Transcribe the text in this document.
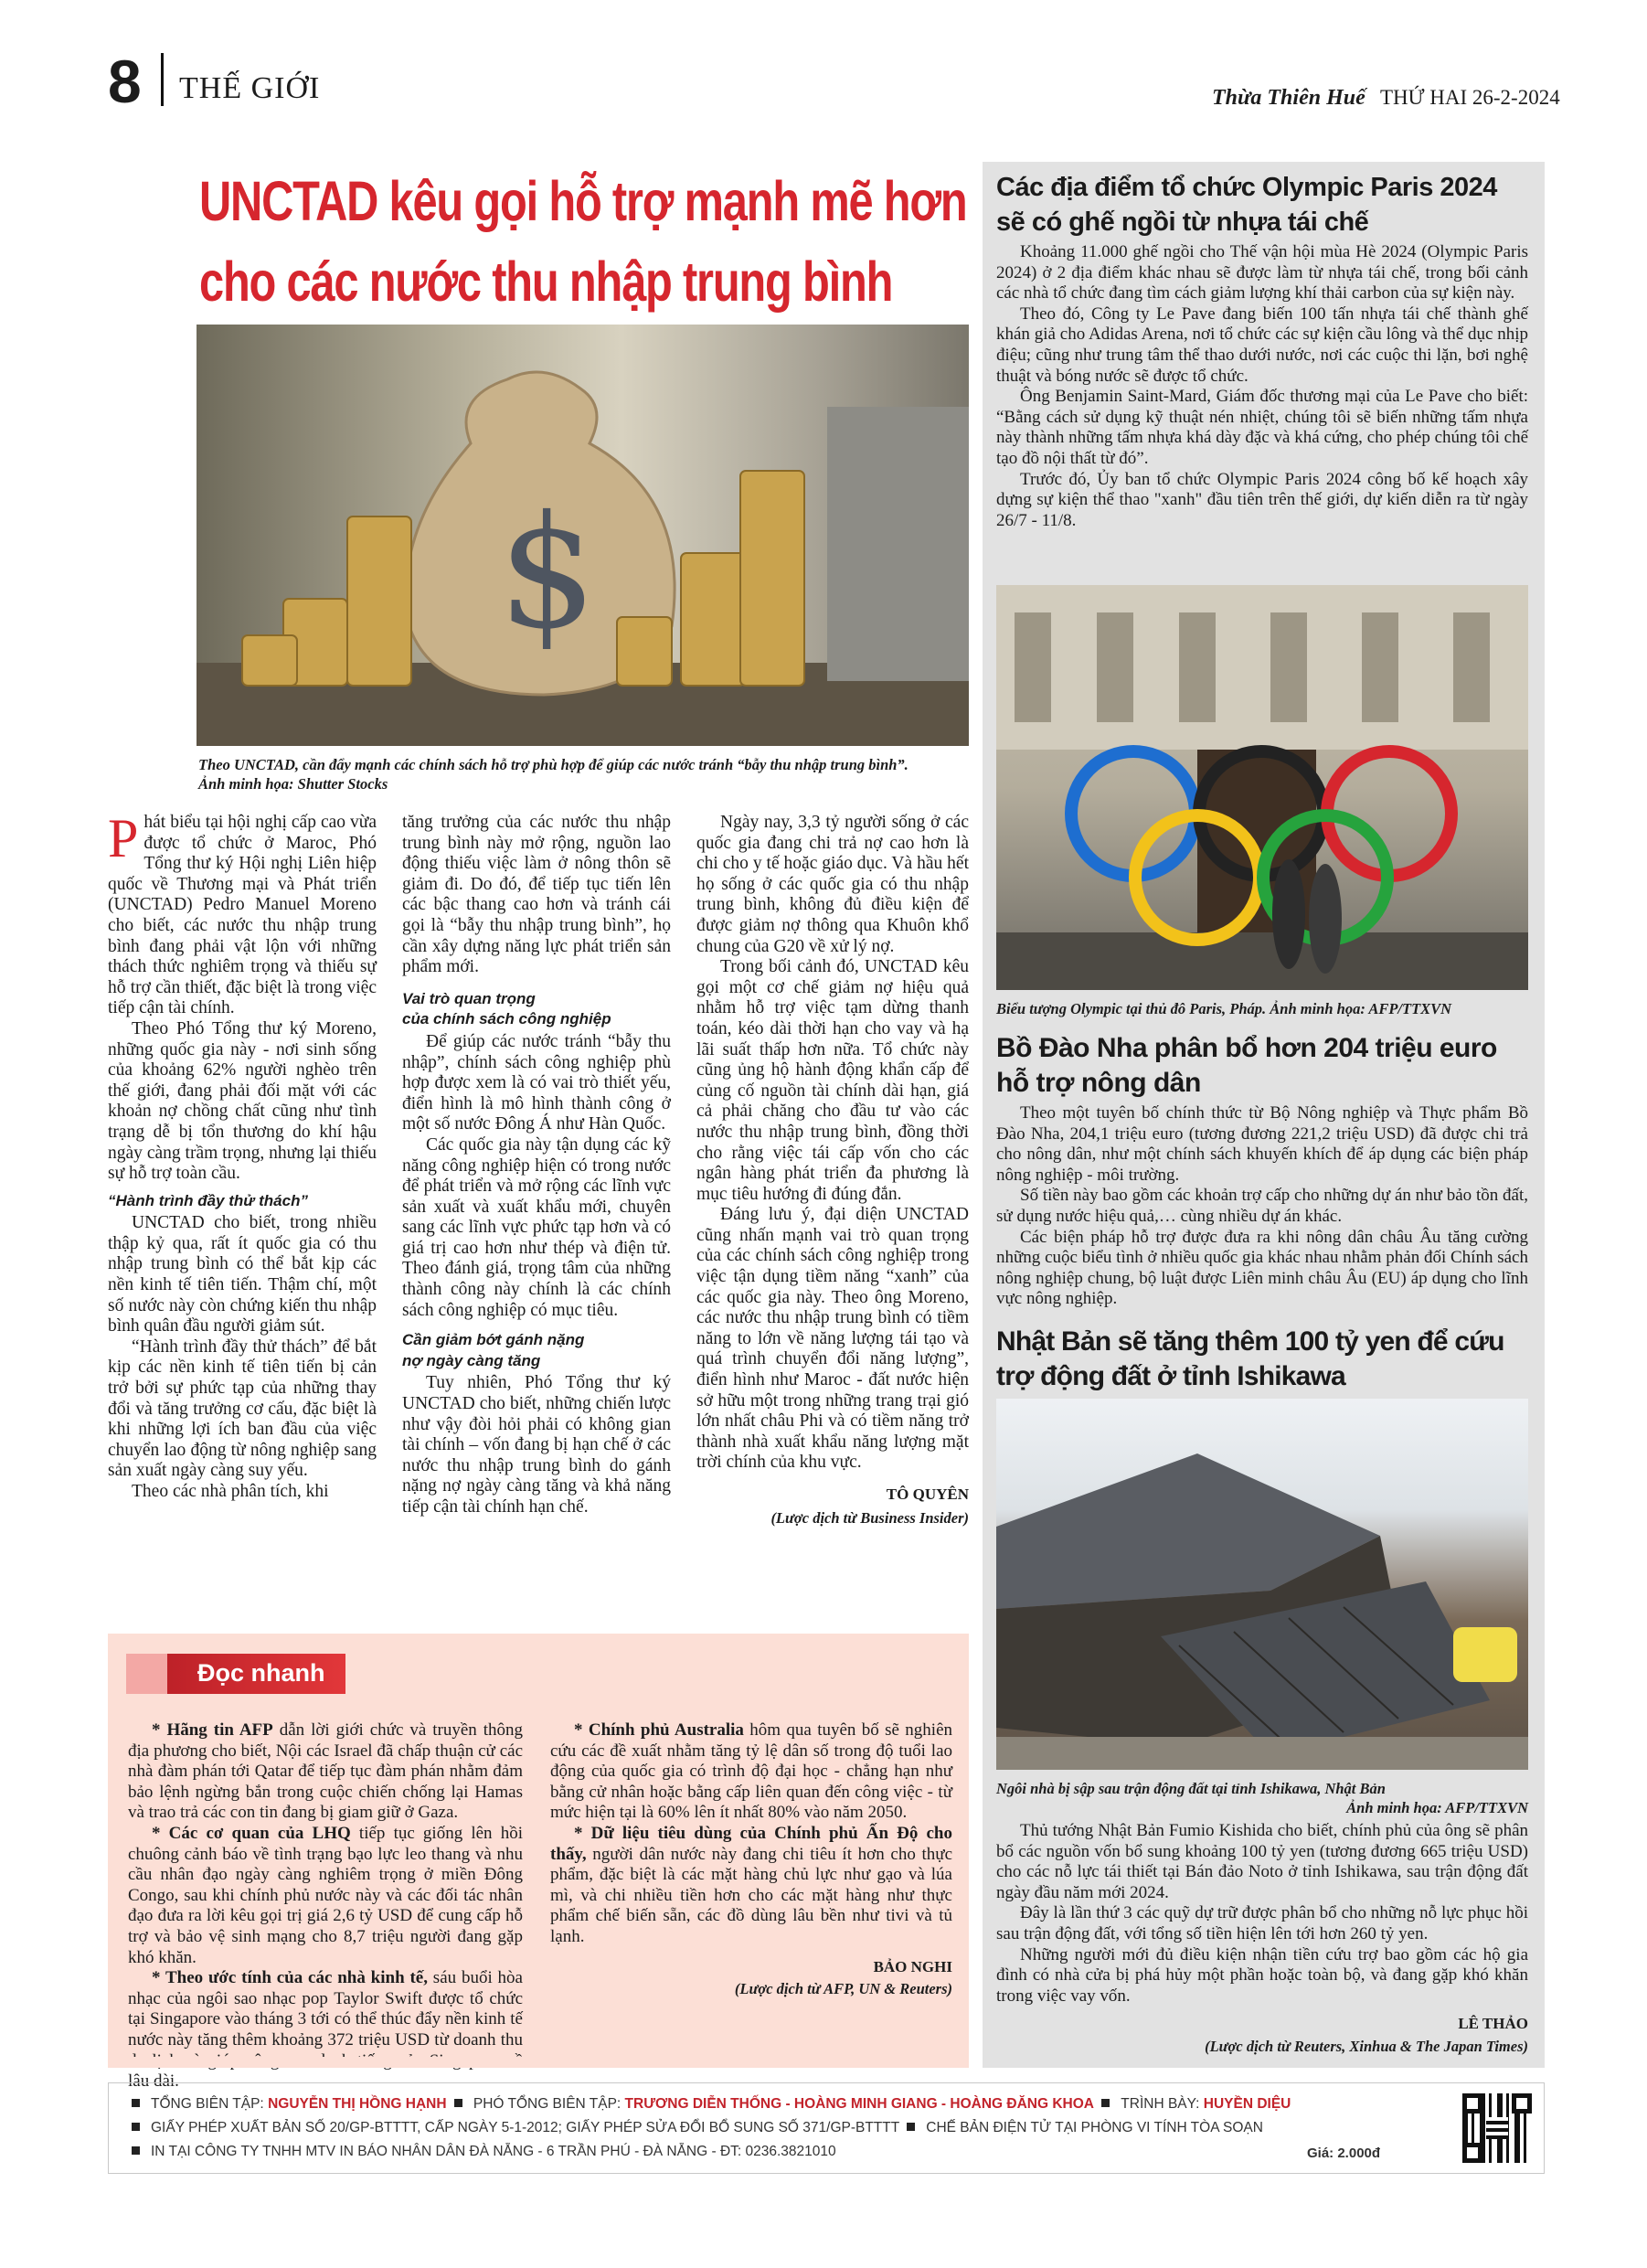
8 THẾ GIỚI	Thừa Thiên Huế THỨ HAI 26-2-2024
UNCTAD kêu gọi hỗ trợ mạnh mẽ hơn
cho các nước thu nhập trung bình
$
Theo UNCTAD, cần đẩy mạnh các chính sách hỗ trợ phù hợp để giúp các nước tránh “bẫy thu nhập trung bình”. Ảnh minh họa: Shutter Stocks

Phát biểu tại hội nghị cấp cao vừa được tổ chức ở Maroc, Phó Tổng thư ký Hội nghị Liên hiệp quốc về Thương mại và Phát triển (UNCTAD) Pedro Manuel Moreno cho biết, các nước thu nhập trung bình đang phải vật lộn với những thách thức nghiêm trọng và thiếu sự hỗ trợ cần thiết, đặc biệt là trong việc tiếp cận tài chính.

Theo Phó Tổng thư ký Moreno, những quốc gia này - nơi sinh sống của khoảng 62% người nghèo trên thế giới, đang phải đối mặt với các khoản nợ chồng chất cũng như tình trạng dễ bị tổn thương do khí hậu ngày càng trầm trọng, nhưng lại thiếu sự hỗ trợ toàn cầu.

“Hành trình đầy thử thách”

UNCTAD cho biết, trong nhiều thập kỷ qua, rất ít quốc gia có thu nhập trung bình có thể bắt kịp các nền kinh tế tiên tiến. Thậm chí, một số nước này còn chứng kiến thu nhập bình quân đầu người giảm sút.

“Hành trình đầy thử thách” để bắt kịp các nền kinh tế tiên tiến bị cản trở bởi sự phức tạp của những thay đổi và tăng trưởng cơ cấu, đặc biệt là khi những lợi ích ban đầu của việc chuyển lao động từ nông nghiệp sang sản xuất ngày càng suy yếu.

Theo các nhà phân tích, khi

tăng trưởng của các nước thu nhập trung bình này mở rộng, nguồn lao động thiếu việc làm ở nông thôn sẽ giảm đi. Do đó, để tiếp tục tiến lên các bậc thang cao hơn và tránh cái gọi là “bẫy thu nhập trung bình”, họ cần xây dựng năng lực phát triển sản phẩm mới.

Vai trò quan trọng
của chính sách công nghiệp

Để giúp các nước tránh “bẫy thu nhập”, chính sách công nghiệp phù hợp được xem là có vai trò thiết yếu, điển hình là mô hình thành công ở một số nước Đông Á như Hàn Quốc.

Các quốc gia này tận dụng các kỹ năng công nghiệp hiện có trong nước để phát triển và mở rộng các lĩnh vực sản xuất và xuất khẩu mới, chuyên sang các lĩnh vực phức tạp hơn và có giá trị cao hơn như thép và điện tử. Theo đánh giá, trọng tâm của những thành công này chính là các chính sách công nghiệp có mục tiêu.

Cần giảm bớt gánh nặng
nợ ngày càng tăng

Tuy nhiên, Phó Tổng thư ký UNCTAD cho biết, những chiến lược như vậy đòi hỏi phải có không gian tài chính – vốn đang bị hạn chế ở các nước thu nhập trung bình do gánh nặng nợ ngày càng tăng và khả năng tiếp cận tài chính hạn chế.

Ngày nay, 3,3 tỷ người sống ở các quốc gia đang chi trả nợ cao hơn là chi cho y tế hoặc giáo dục. Và hầu hết họ sống ở các quốc gia có thu nhập trung bình, không đủ điều kiện để được giảm nợ thông qua Khuôn khổ chung của G20 về xử lý nợ.

Trong bối cảnh đó, UNCTAD kêu gọi một cơ chế giảm nợ hiệu quả nhằm hỗ trợ việc tạm dừng thanh toán, kéo dài thời hạn cho vay và hạ lãi suất thấp hơn nữa. Tổ chức này cũng ủng hộ hành động khẩn cấp để củng cố nguồn tài chính dài hạn, giá cả phải chăng cho đầu tư vào các nước thu nhập trung bình, đồng thời cho rằng việc tái cấp vốn cho các ngân hàng phát triển đa phương là mục tiêu hướng đi đúng đắn.

Đáng lưu ý, đại diện UNCTAD cũng nhấn mạnh vai trò quan trọng của các chính sách công nghiệp trong việc tận dụng tiềm năng “xanh” của các quốc gia này. Theo ông Moreno, các nước thu nhập trung bình có tiềm năng to lớn về năng lượng tái tạo và quá trình chuyển đổi năng lượng”, điển hình như Maroc - đất nước hiện sở hữu một trong những trang trại gió lớn nhất châu Phi và có tiềm năng trở thành nhà xuất khẩu năng lượng mặt trời chính của khu vực.

TÔ QUYÊN
(Lược dịch từ Business Insider)
Đọc nhanh

* Hãng tin AFP dẫn lời giới chức và truyền thông địa phương cho biết, Nội các Israel đã chấp thuận cử các nhà đàm phán tới Qatar để tiếp tục đàm phán nhằm đảm bảo lệnh ngừng bắn trong cuộc chiến chống lại Hamas và trao trả các con tin đang bị giam giữ ở Gaza.

* Các cơ quan của LHQ tiếp tục giống lên hồi chuông cảnh báo về tình trạng bạo lực leo thang và nhu cầu nhân đạo ngày càng nghiêm trọng ở miền Đông Congo, sau khi chính phủ nước này và các đối tác nhân đạo đưa ra lời kêu gọi trị giá 2,6 tỷ USD để cung cấp hỗ trợ và bảo vệ sinh mạng cho 8,7 triệu người đang gặp khó khăn.

* Theo ước tính của các nhà kinh tế, sáu buổi hòa nhạc của ngôi sao nhạc pop Taylor Swift được tổ chức tại Singapore vào tháng 3 tới có thể thúc đẩy nền kinh tế nước này tăng thêm khoảng 372 triệu USD từ doanh thu lâu dài.

* Chính phủ Australia hôm qua tuyên bố sẽ nghiên cứu các đề xuất nhằm tăng tỷ lệ dân số trong độ tuổi lao động của quốc gia có trình độ đại học - chẳng hạn như bằng cử nhân hoặc bằng cấp liên quan đến công việc - từ mức hiện tại là 60% lên ít nhất 80% vào năm 2050.

* Dữ liệu tiêu dùng của Chính phủ Ấn Độ cho thấy, người dân nước này đang chi tiêu ít hơn cho thực phẩm, đặc biệt là các mặt hàng chủ lực như gạo và lúa mì, và chi nhiều tiền hơn cho các mặt hàng như thực phẩm chế biến sẵn, các đồ dùng lâu bền như tivi và tủ lạnh.

BẢO NGHI
(Lược dịch từ AFP, UN & Reuters)
Các địa điểm tổ chức Olympic Paris 2024 sẽ có ghế ngồi từ nhựa tái chế

Khoảng 11.000 ghế ngồi cho Thế vận hội mùa Hè 2024 (Olympic Paris 2024) ở 2 địa điểm khác nhau sẽ được làm từ nhựa tái chế, trong bối cảnh các nhà tổ chức đang tìm cách giảm lượng khí thải carbon của sự kiện này.

Theo đó, Công ty Le Pave đang biến 100 tấn nhựa tái chế thành ghế khán giả cho Adidas Arena, nơi tổ chức các sự kiện cầu lông và thể dục nhịp điệu; cũng như trung tâm thể thao dưới nước, nơi các cuộc thi lặn, bơi nghệ thuật và bóng nước sẽ được tổ chức.

Ông Benjamin Saint-Mard, Giám đốc thương mại của Le Pave cho biết: “Bằng cách sử dụng kỹ thuật nén nhiệt, chúng tôi sẽ biến những tấm nhựa này thành những tấm nhựa khá dày đặc và khá cứng, cho phép chúng tôi chế tạo đồ nội thất từ đó”.

Trước đó, Ủy ban tổ chức Olympic Paris 2024 công bố kế hoạch xây dựng sự kiện thể thao "xanh" đầu tiên trên thế giới, dự kiến diễn ra từ ngày 26/7 - 11/8.

Biểu tượng Olympic tại thủ đô Paris, Pháp. Ảnh minh họa: AFP/TTXVN
Bồ Đào Nha phân bổ hơn 204 triệu euro hỗ trợ nông dân

Theo một tuyên bố chính thức từ Bộ Nông nghiệp và Thực phẩm Bồ Đào Nha, 204,1 triệu euro (tương đương 221,2 triệu USD) đã được chi trả cho nông dân, như một chính sách khuyến khích để áp dụng các biện pháp nông nghiệp - môi trường.

Số tiền này bao gồm các khoản trợ cấp cho những dự án như bảo tồn đất, sử dụng nước hiệu quả,… cùng nhiều dự án khác.

Các biện pháp hỗ trợ được đưa ra khi nông dân châu Âu tăng cường những cuộc biểu tình ở nhiều quốc gia khác nhau nhằm phản đối Chính sách nông nghiệp chung, bộ luật được Liên minh châu Âu (EU) áp dụng cho lĩnh vực nông nghiệp.

Nhật Bản sẽ tăng thêm 100 tỷ yen để cứu trợ động đất ở tỉnh Ishikawa
Ngôi nhà bị sập sau trận động đất tại tỉnh Ishikawa, Nhật Bản
Ảnh minh họa: AFP/TTXVN

Thủ tướng Nhật Bản Fumio Kishida cho biết, chính phủ của ông sẽ phân bổ các nguồn vốn bổ sung khoảng 100 tỷ yen (tương đương 665 triệu USD) cho các nỗ lực tái thiết tại Bán đảo Noto ở tỉnh Ishikawa, sau trận động đất ngày đầu năm mới 2024.

Đây là lần thứ 3 các quỹ dự trữ được phân bổ cho những nỗ lực phục hồi sau trận động đất, với tổng số tiền hiện lên tới hơn 260 tỷ yen.

Những người mới đủ điều kiện nhận tiền cứu trợ bao gồm các hộ gia đình có nhà cửa bị phá hủy một phần hoặc toàn bộ, và đang gặp khó khăn trong việc vay vốn.

LÊ THẢO
(Lược dịch từ Reuters, Xinhua & The Japan Times)
TỔNG BIÊN TẬP: NGUYỄN THỊ HỒNG HẠNH PHÓ TỔNG BIÊN TẬP: TRƯƠNG DIỄN THỐNG - HOÀNG MINH GIANG - HOÀNG ĐĂNG KHOA TRÌNH BÀY: HUYỀN DIỆU
GIẤY PHÉP XUẤT BẢN SỐ 20/GP-BTTTT, CẤP NGÀY 5-1-2012; GIẤY PHÉP SỬA ĐỔI BỔ SUNG SỐ 371/GP-BTTTT CHẾ BẢN ĐIỆN TỬ TẠI PHÒNG VI TÍNH TÒA SOẠN
IN TẠI CÔNG TY TNHH MTV IN BÁO NHÂN DÂN ĐÀ NẴNG - 6 TRẦN PHÚ - ĐÀ NẴNG - ĐT: 0236.3821010	Giá: 2.000đ
